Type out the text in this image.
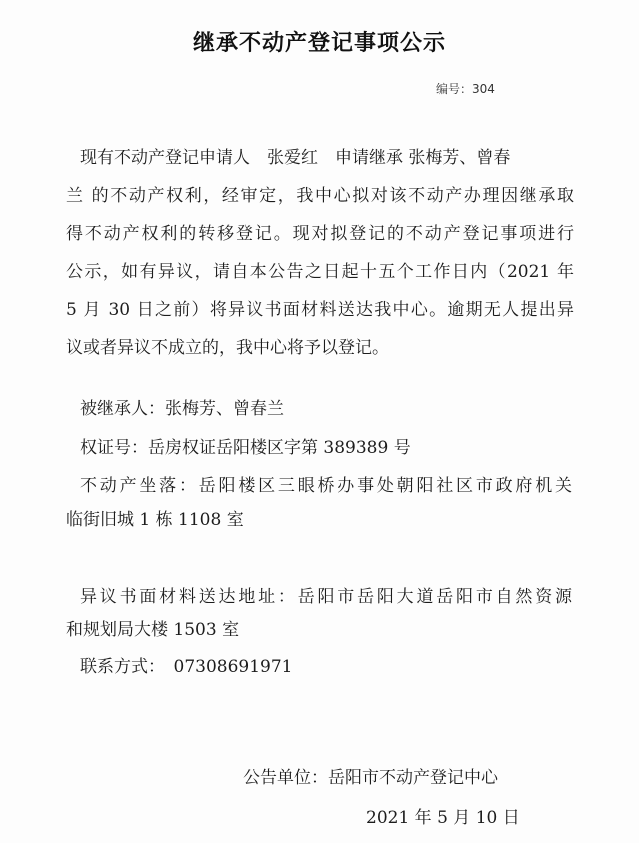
继承不动产登记事项公示
编号：304
现有不动产登记申请人　张爱红　申请继承 张梅芳、曾春
兰 的不动产权利，经审定，我中心拟对该不动产办理因继承取
得不动产权利的转移登记。现对拟登记的不动产登记事项进行
公示，如有异议，请自本公告之日起十五个工作日内（2021 年
5 月 30 日之前）将异议书面材料送达我中心。逾期无人提出异
议或者异议不成立的，我中心将予以登记。
被继承人：张梅芳、曾春兰
权证号：岳房权证岳阳楼区字第 389389 号
不动产坐落：岳阳楼区三眼桥办事处朝阳社区市政府机关
临街旧城 1 栋 1108 室
异议书面材料送达地址：岳阳市岳阳大道岳阳市自然资源
和规划局大楼 1503 室
联系方式：　07308691971
公告单位：岳阳市不动产登记中心
2021 年 5 月 10 日
